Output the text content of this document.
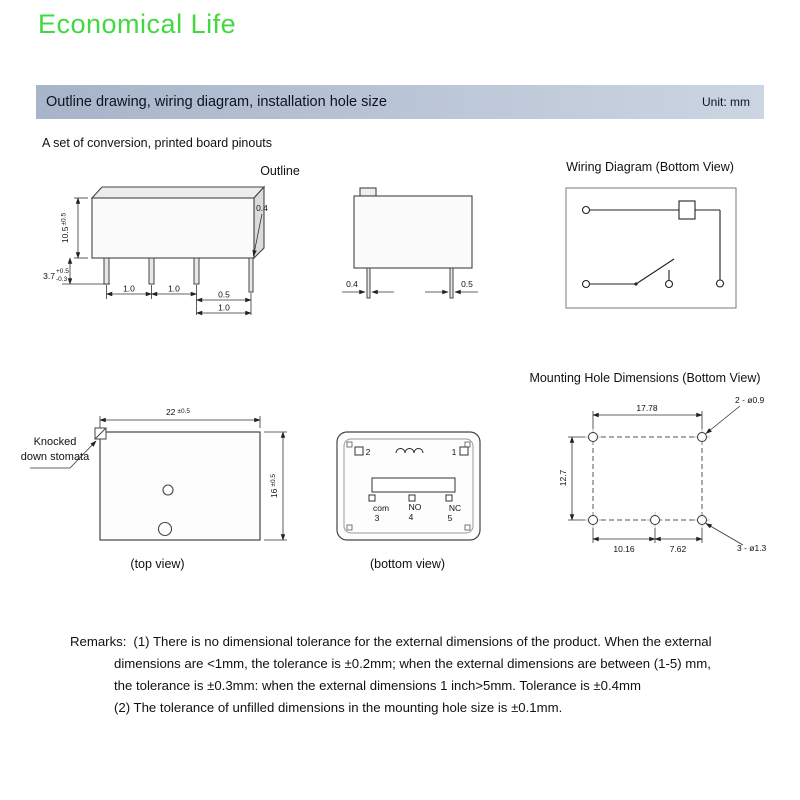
Economical Life
Outline drawing, wiring diagram, installation hole size	Unit: mm
A set of conversion, printed board pinouts
Outline	Wiring Diagram (Bottom View)
Mounting Hole Dimensions (Bottom View)
(top view)	(bottom view)
Knocked
down stomata
$10.5^{\pm 0.5}$
0.4
3.7 +0.5
-0.3
1.0	1.0
0.5
1.0
0.4	0.5
22 $^{\pm 0.5}$
$16^{\pm 0.5}$
2	1
com NO	NC
3	4	5
17.78
12.7
10.16	7.62
2 - ø0.9
3 - ø1.3
Remarks: (1) There is no dimensional tolerance for the external dimensions of the product. When the external
dimensions are <1mm, the tolerance is ±0.2mm; when the external dimensions are between (1-5) mm,
the tolerance is ±0.3mm: when the external dimensions 1 inch>5mm. Tolerance is ±0.4mm
(2) The tolerance of unfilled dimensions in the mounting hole size is ±0.1mm.
